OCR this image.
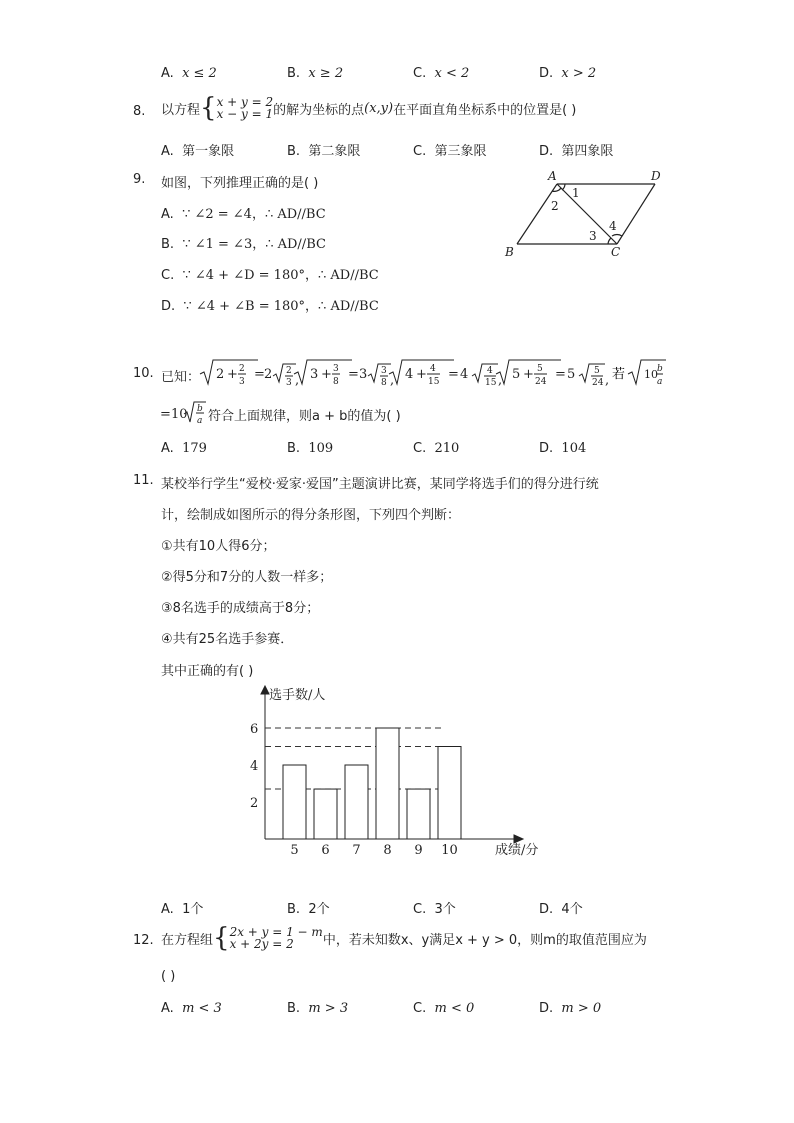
A. x ≤ 2	B. x ≥ 2	C. x < 2	D. x > 2
8. 以方程 { x + y = 2
x − y = 1 的解为坐标的点 (x,y) 在平面直角坐标系中的位置是( )
A. 第一象限	B. 第二象限	C. 第三象限	D. 第四象限
9. 如图，下列推理正确的是( )
A. ∵ ∠2 = ∠4，∴ AD//BC
B. ∵ ∠1 = ∠3，∴ AD//BC
C. ∵ ∠4 + ∠D = 180°，∴ AD//BC
D. ∵ ∠4 + ∠B = 180°，∴ AD//BC
A	D
B	C
1
2
3
4
10. 已知： 2 + 2
3 = 2 2
3 , 3 + 3
8 = 3 3
8 , 4 + 4
15 = 4 4
15 , 5 + 5
24 = 5 5
24 , 若 10 b
a
= 10 b
a 符合上面规律，则a + b的值为( )
A. 179	B. 109	C. 210	D. 104
11. 某校举行学生“爱校·爱家·爱国”主题演讲比赛，某同学将选手们的得分进行统
计，绘制成如图所示的得分条形图，下列四个判断：
①共有10人得6分；
②得5分和7分的人数一样多；
③8名选手的成绩高于8分；
④共有25名选手参赛．
其中正确的有( )
选手数/人
成绩/分
2
4
6
5 6 7 8 9 10
A. 1个	B. 2个	C. 3个	D. 4个
12. 在方程组 { 2x + y = 1 − m
x + 2y = 2	中，若未知数x、y满足x + y > 0，则m的取值范围应为
( )
A. m < 3	B. m > 3	C. m < 0	D. m > 0
